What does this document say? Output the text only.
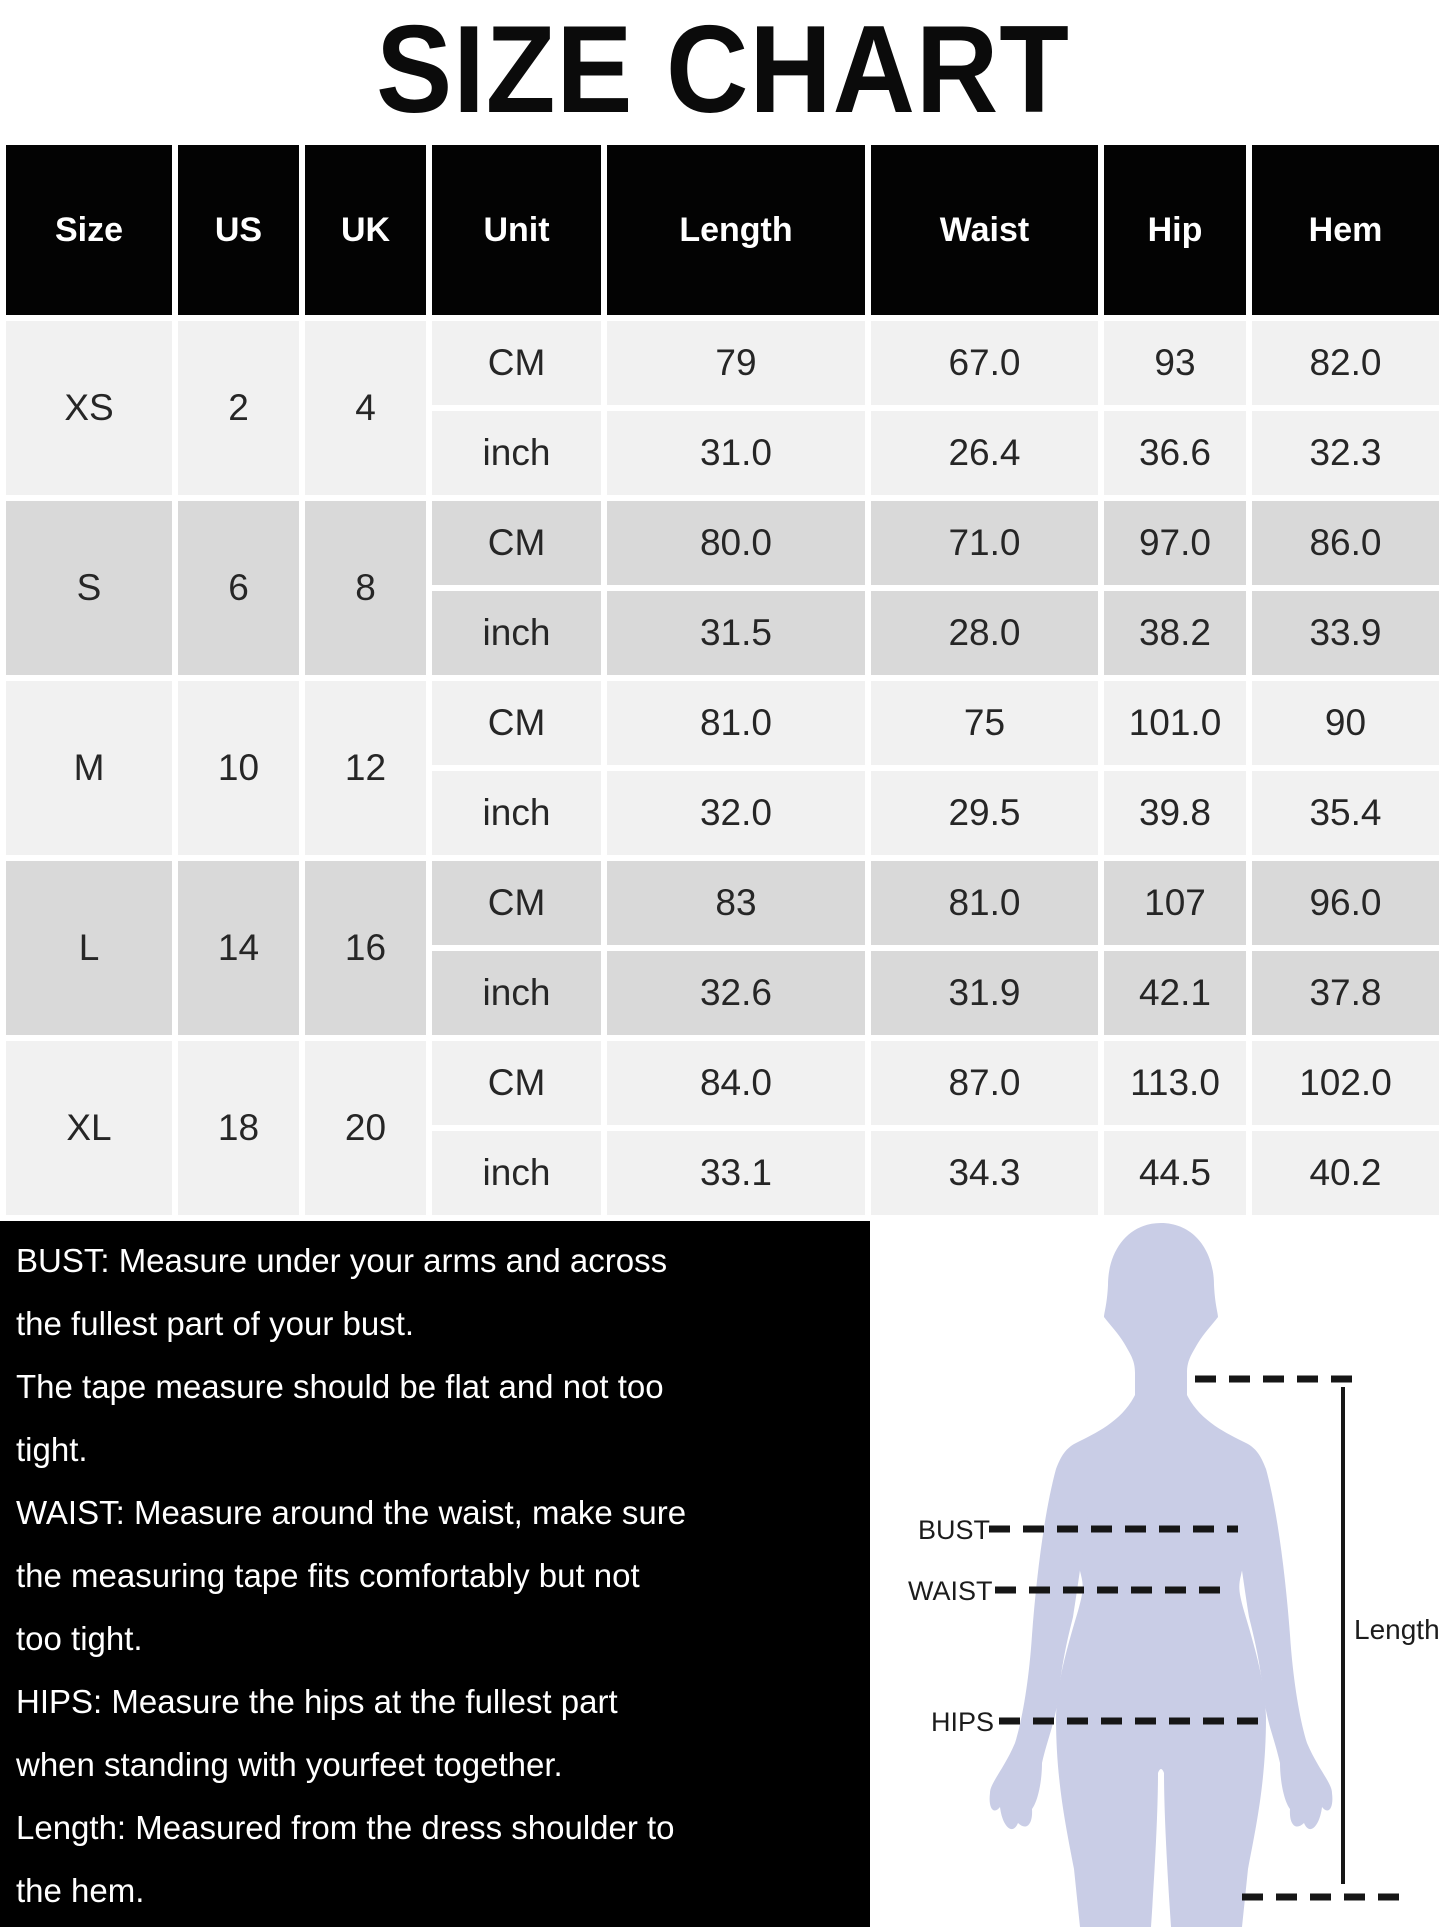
SIZE CHART
Size	US	UK	Unit	Length	Waist	Hip	Hem
XS	2	4	CM	79	67.0	93	82.0
			inch	31.0	26.4	36.6	32.3
S	6	8	CM	80.0	71.0	97.0	86.0
			inch	31.5	28.0	38.2	33.9
M	10	12	CM	81.0	75	101.0	90
			inch	32.0	29.5	39.8	35.4
L	14	16	CM	83	81.0	107	96.0
			inch	32.6	31.9	42.1	37.8
XL	18	20	CM	84.0	87.0	113.0	102.0
			inch	33.1	34.3	44.5	40.2
BUST: Measure under your arms and across
the fullest part of your bust.
The tape measure should be flat and not too
tight.
WAIST: Measure around the waist, make sure
the measuring tape fits comfortably but not
too tight.
HIPS: Measure the hips at the fullest part
when standing with yourfeet together.
Length: Measured from the dress shoulder to
the hem.
BUST
WAIST
HIPS
Length
